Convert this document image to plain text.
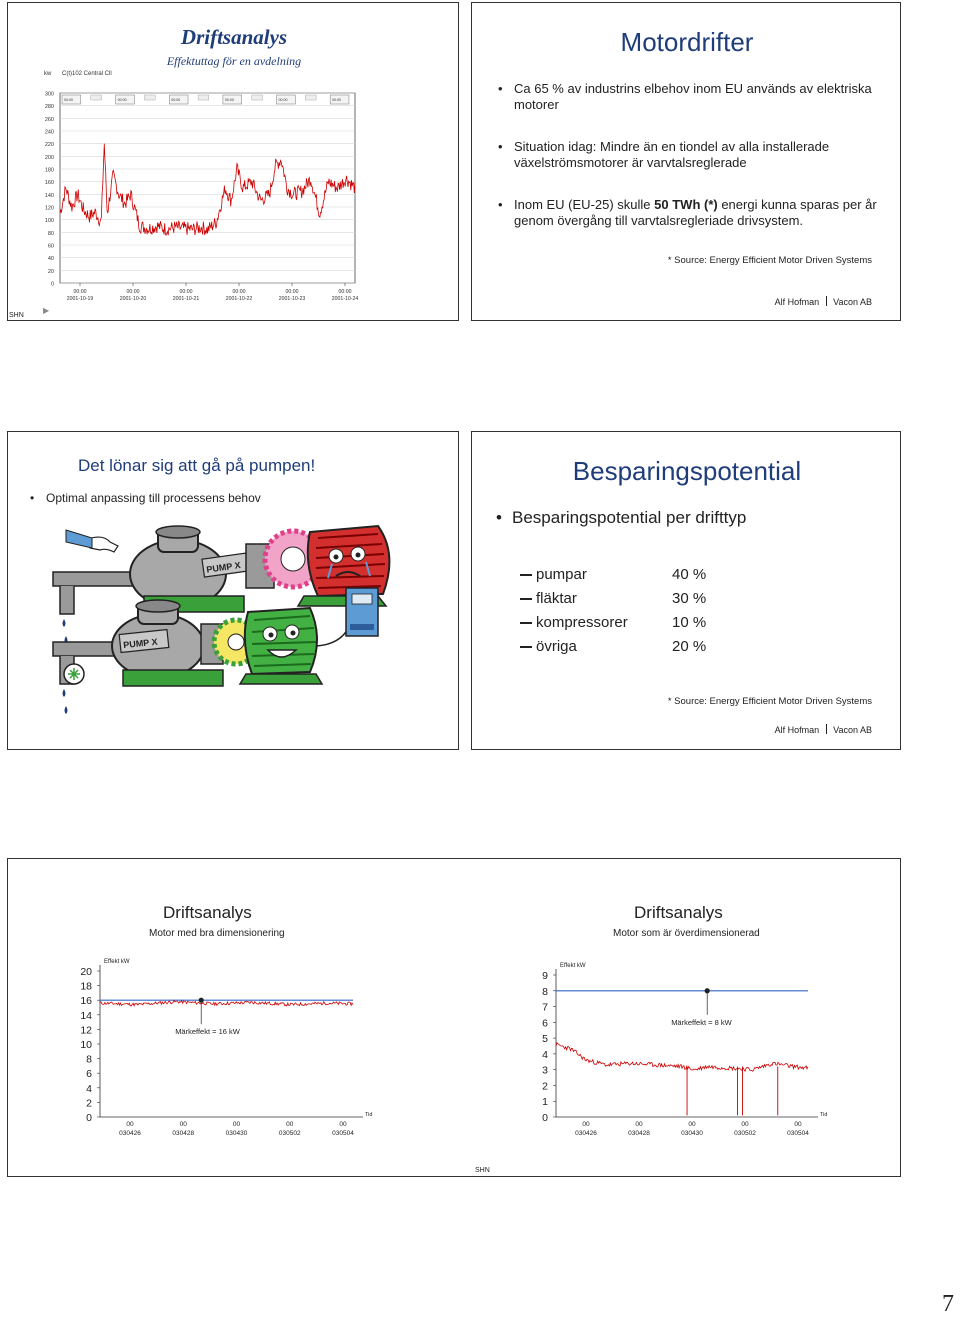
Driftsanalys
Effektuttag för en avdelning
0
20
40
60
80
100
120
140
160
180
200
220
240
260
280
300
kw C(t)102 Central Cll
00:00	00:00	00:00	00:00	00:00	00:00
00:00
2001-10-19
00:00
2001-10-20
00:00
2001-10-21
00:00
2001-10-22
00:00
2001-10-23
00:00
2001-10-24
SHN
▶
Motordrifter
• Ca 65 % av industrins elbehov inom EU används av elektriska motorer
• Situation idag: Mindre än en tiondel av alla installerade växelströmsmotorer är varvtalsreglerade
• Inom EU (EU-25) skulle 50 TWh (*) energi kunna sparas per år genom övergång till varvtalsregleriade drivsystem.
* Source: Energy Efficient Motor Driven Systems
Alf Hofman Vacon AB
Det lönar sig att gå på pumpen!
• Optimal anpassing till processens behov
PUMP X
PUMP X
Besparingspotential
• Besparingspotential per drifttyp
pumpar	40 %
fläktar	30 %
kompressorer	10 %
övriga	20 %
* Source: Energy Efficient Motor Driven Systems
Alf Hofman Vacon AB
Driftsanalys
Motor med bra dimensionering
Driftsanalys
Motor som är överdimensionerad
Effekt kW
Tid
0
2
4
6
8
10
12
14
16
18
20
00
030426
00
030428
00
030430
00
030502
00
030504
Märkeffekt = 16 kW
Effekt kW
Tid
0
1
2
3
4
5
6
7
8
9
00
030426
00
030428
00
030430
00
030502
00
030504
Märkeffekt = 8 kW
SHN
7
